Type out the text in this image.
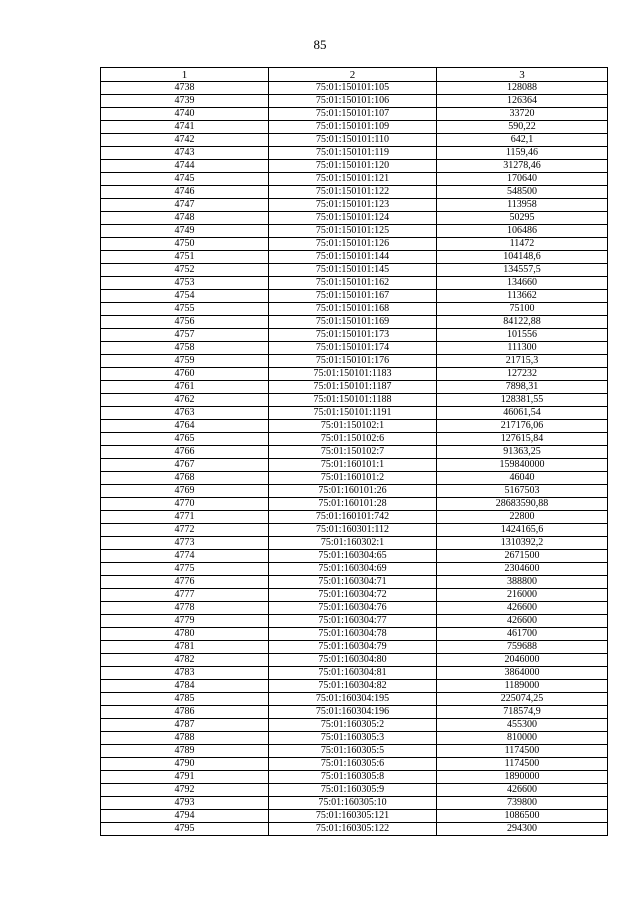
85
1	2	3
4738	75:01:150101:105	128088
4739	75:01:150101:106	126364
4740	75:01:150101:107	33720
4741	75:01:150101:109	590,22
4742	75:01:150101:110	642,1
4743	75:01:150101:119	1159,46
4744	75:01:150101:120	31278,46
4745	75:01:150101:121	170640
4746	75:01:150101:122	548500
4747	75:01:150101:123	113958
4748	75:01:150101:124	50295
4749	75:01:150101:125	106486
4750	75:01:150101:126	11472
4751	75:01:150101:144	104148,6
4752	75:01:150101:145	134557,5
4753	75:01:150101:162	134660
4754	75:01:150101:167	113662
4755	75:01:150101:168	75100
4756	75:01:150101:169	84122,88
4757	75:01:150101:173	101556
4758	75:01:150101:174	111300
4759	75:01:150101:176	21715,3
4760	75:01:150101:1183	127232
4761	75:01:150101:1187	7898,31
4762	75:01:150101:1188	128381,55
4763	75:01:150101:1191	46061,54
4764	75:01:150102:1	217176,06
4765	75:01:150102:6	127615,84
4766	75:01:150102:7	91363,25
4767	75:01:160101:1	159840000
4768	75:01:160101:2	46040
4769	75:01:160101:26	5167503
4770	75:01:160101:28	28683590,88
4771	75:01:160101:742	22800
4772	75:01:160301:112	1424165,6
4773	75:01:160302:1	1310392,2
4774	75:01:160304:65	2671500
4775	75:01:160304:69	2304600
4776	75:01:160304:71	388800
4777	75:01:160304:72	216000
4778	75:01:160304:76	426600
4779	75:01:160304:77	426600
4780	75:01:160304:78	461700
4781	75:01:160304:79	759688
4782	75:01:160304:80	2046000
4783	75:01:160304:81	3864000
4784	75:01:160304:82	1189000
4785	75:01:160304:195	225074,25
4786	75:01:160304:196	718574,9
4787	75:01:160305:2	455300
4788	75:01:160305:3	810000
4789	75:01:160305:5	1174500
4790	75:01:160305:6	1174500
4791	75:01:160305:8	1890000
4792	75:01:160305:9	426600
4793	75:01:160305:10	739800
4794	75:01:160305:121	1086500
4795	75:01:160305:122	294300
